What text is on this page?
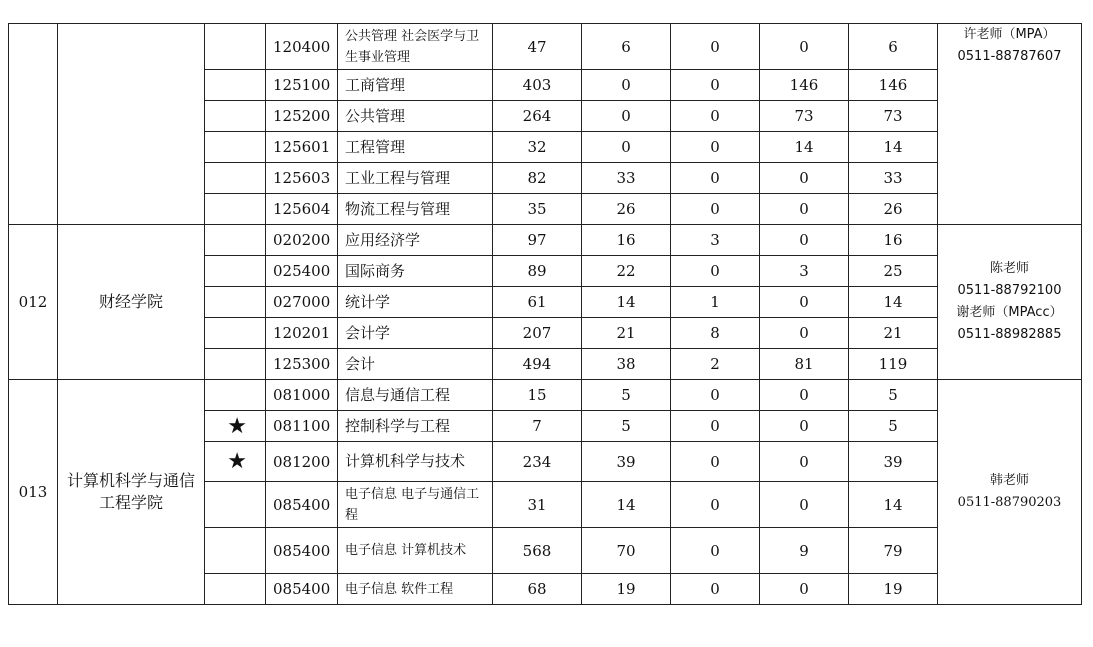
			120400	公共管理 社会医学与卫生事业管理	47	6	0	0	6	许老师（MPA）
0511-88787607

			125100	工商管理	403	0	0	146	146	
			125200	公共管理	264	0	0	73	73	
			125601	工程管理	32	0	0	14	14	
			125603	工业工程与管理	82	33	0	0	33	
			125604	物流工程与管理	35	26	0	0	26	
012	财经学院		020200	应用经济学	97	16	3	0	16	陈老师
0511-88792100
谢老师（MPAcc）
0511-88982885

			025400	国际商务	89	22	0	3	25	
			027000	统计学	61	14	1	0	14	
			120201	会计学	207	21	8	0	21	
			125300	会计	494	38	2	81	119	
013	计算机科学与通信工程学院		081000	信息与通信工程	15	5	0	0	5	韩老师
0511-88790203

		★	081100	控制科学与工程	7	5	0	0	5	
		★	081200	计算机科学与技术	234	39	0	0	39	
			085400	电子信息 电子与通信工程	31	14	0	0	14	
			085400	电子信息 计算机技术	568	70	0	9	79	
			085400	电子信息 软件工程	68	19	0	0	19	
